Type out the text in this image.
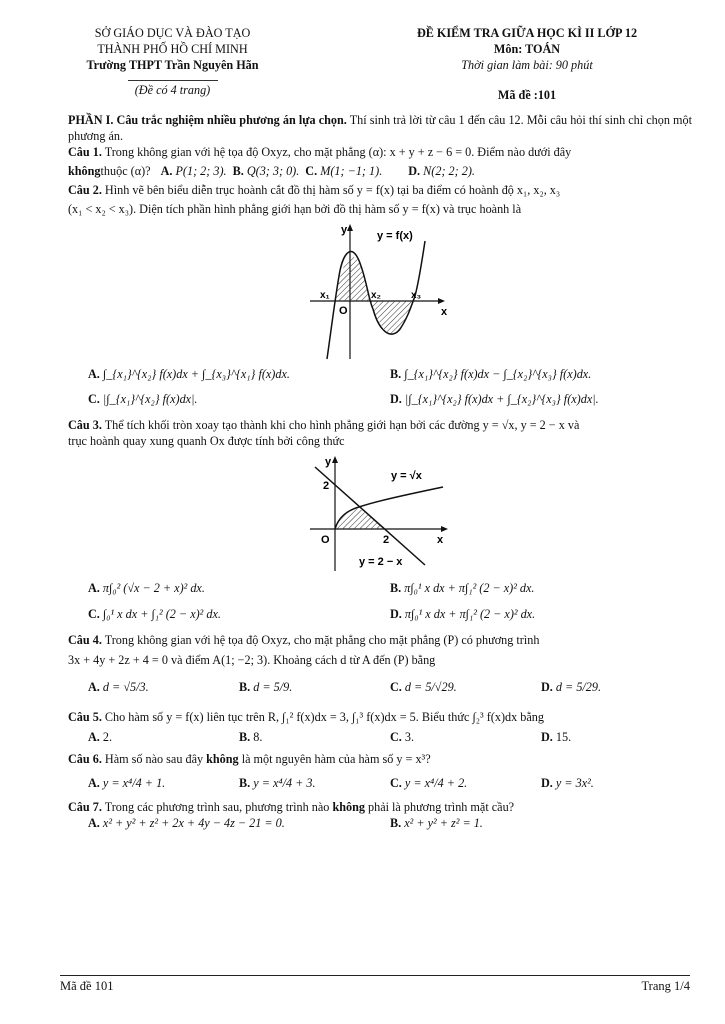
SỞ GIÁO DỤC VÀ ĐÀO TẠO
THÀNH PHỐ HỒ CHÍ MINH
Trường THPT Trần Nguyên Hãn
(Đề có 4 trang)
ĐỀ KIỂM TRA GIỮA HỌC KÌ II LỚP 12
Môn: TOÁN
Thời gian làm bài: 90 phút
Mã đề :101

PHẦN I. Câu trắc nghiệm nhiều phương án lựa chọn. Thí sinh trả lời từ câu 1 đến câu 12. Mỗi câu hỏi thí sinh chỉ chọn một phương án.

Câu 1. Trong không gian với hệ tọa độ Oxyz, cho mặt phẳng (α): x + y + z − 6 = 0. Điểm nào dưới đây

không thuộc (α)? A.
P(1; 2; 3). B.
Q(3; 3; 0). C.
M(1; −1; 1). D.
N(2; 2; 2).

Câu 2. Hình vẽ bên biểu diễn trục hoành cắt đồ thị hàm số y = f(x) tại ba điểm có hoành độ x₁, x₂, x₃

(x₁ < x₂ < x₃). Diện tích phần hình phẳng giới hạn bởi đồ thị hàm số y = f(x) và trục hoành là

y	y = f(x)
x
O
x₁	x₂	x₃
A. ∫_{x₁}^{x₂} f(x)dx + ∫_{x₃}^{x₁} f(x)dx.	B. ∫_{x₁}^{x₂} f(x)dx − ∫_{x₂}^{x₃} f(x)dx.
C. |∫_{x₁}^{x₂} f(x)dx|.	D. |∫_{x₁}^{x₂} f(x)dx + ∫_{x₂}^{x₃} f(x)dx|.

Câu 3. Thể tích khối tròn xoay tạo thành khi cho hình phẳng giới hạn bởi các đường y = √x, y = 2 − x và

trục hoành quay xung quanh Ox được tính bởi công thức

y
y = √x
2
O	2	x
y = 2 − x
A. π∫₀² (√x − 2 + x)² dx.	B. π∫₀¹ x dx + π∫₁² (2 − x)² dx.
C. ∫₀¹ x dx + ∫₁² (2 − x)² dx.	D. π∫₀¹ x dx + π∫₁² (2 − x)² dx.

Câu 4. Trong không gian với hệ tọa độ Oxyz, cho mặt phẳng cho mặt phẳng (P) có phương trình

3x + 4y + 2z + 4 = 0 và điểm A(1; −2; 3). Khoảng cách d từ A đến (P) bằng

A. d = √5/3.	B. d = 5/9.	C. d = 5/√29.	D. d = 5/29.

Câu 5. Cho hàm số y = f(x) liên tục trên R, ∫₁² f(x)dx = 3, ∫₁³ f(x)dx = 5. Biểu thức ∫₂³ f(x)dx bằng

A. 2.	B. 8.	C. 3.	D. 15.

Câu 6. Hàm số nào sau đây không là một nguyên hàm của hàm số y = x³?

A. y = x⁴/4 + 1.	B. y = x⁴/4 + 3.	C. y = x⁴/4 + 2.	D. y = 3x².

Câu 7. Trong các phương trình sau, phương trình nào không phải là phương trình mặt cầu?

A. x² + y² + z² + 2x + 4y − 4z − 21 = 0.	B. x² + y² + z² = 1.
Mã đề 101	Trang 1/4
